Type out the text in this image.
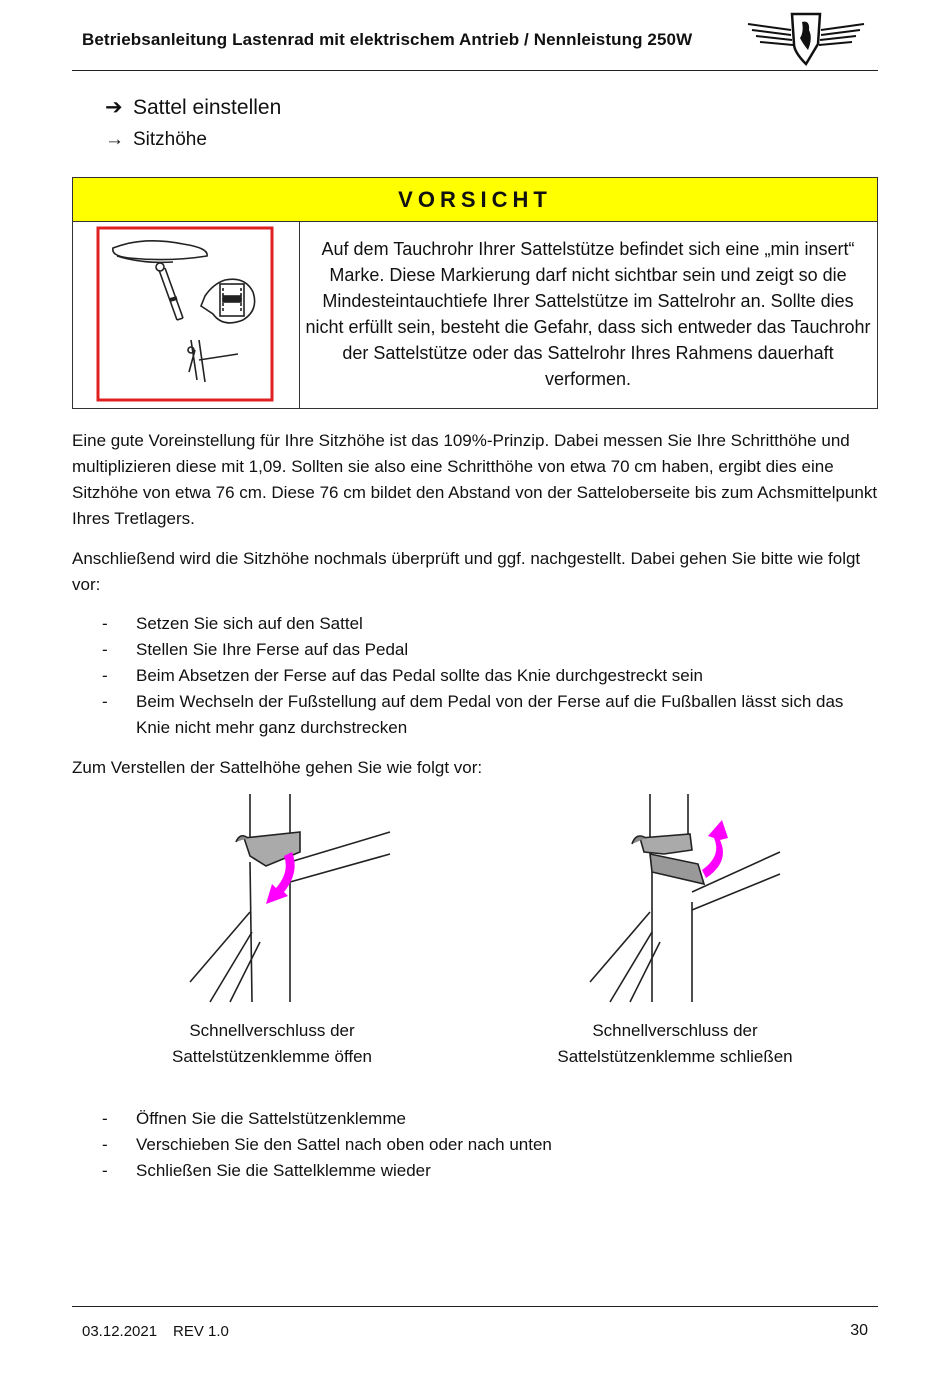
Betriebsanleitung Lastenrad mit elektrischem Antrieb / Nennleistung 250W
➔ Sattel einstellen
→ Sitzhöhe
VORSICHT
Auf dem Tauchrohr Ihrer Sattelstütze befindet sich eine „min insert“ Marke. Diese Markierung darf nicht sichtbar sein und zeigt so die Mindesteintauchtiefe Ihrer Sattelstütze im Sattelrohr an. Sollte dies nicht erfüllt sein, besteht die Gefahr, dass sich entweder das Tauchrohr der Sattelstütze oder das Sattelrohr Ihres Rahmens dauerhaft verformen.
Eine gute Voreinstellung für Ihre Sitzhöhe ist das 109%-Prinzip. Dabei messen Sie Ihre Schritthöhe und multiplizieren diese mit 1,09. Sollten sie also eine Schritthöhe von etwa 70 cm haben, ergibt dies eine Sitzhöhe von etwa 76 cm. Diese 76 cm bildet den Abstand von der Satteloberseite bis zum Achsmittelpunkt Ihres Tretlagers.
Anschließend wird die Sitzhöhe nochmals überprüft und ggf. nachgestellt. Dabei gehen Sie bitte wie folgt vor:
- Setzen Sie sich auf den Sattel
- Stellen Sie Ihre Ferse auf das Pedal
- Beim Absetzen der Ferse auf das Pedal sollte das Knie durchgestreckt sein
- Beim Wechseln der Fußstellung auf dem Pedal von der Ferse auf die Fußballen lässt sich das Knie nicht mehr ganz durchstrecken
Zum Verstellen der Sattelhöhe gehen Sie wie folgt vor:
Schnellverschluss der
Sattelstützenklemme öffen
Schnellverschluss der
Sattelstützenklemme schließen
- Öffnen Sie die Sattelstützenklemme
- Verschieben Sie den Sattel nach oben oder nach unten
- Schließen Sie die Sattelklemme wieder
03.12.2021 REV 1.0	30
